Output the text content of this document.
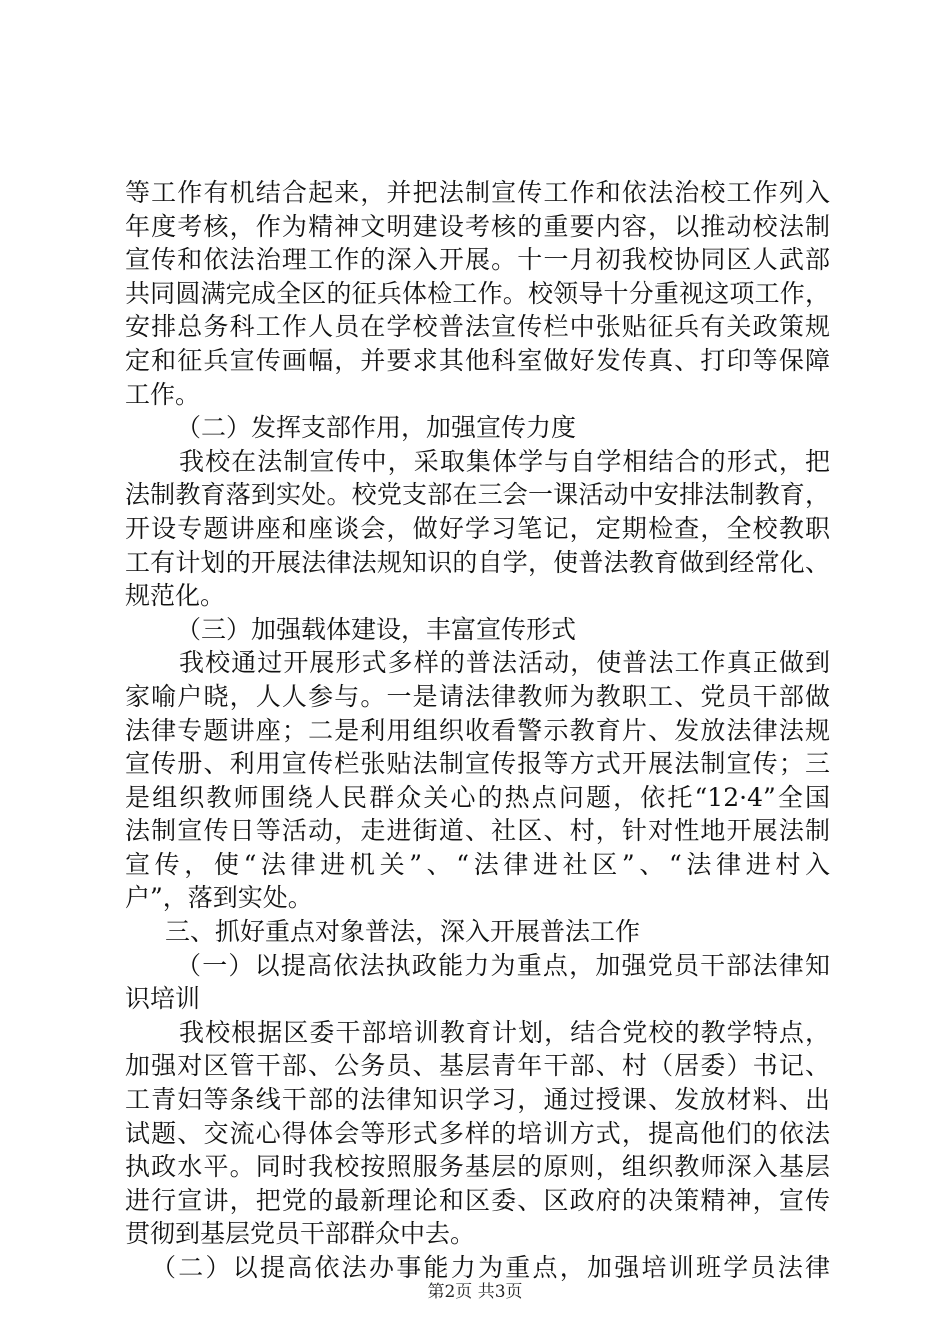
等工作有机结合起来，并把法制宣传工作和依法治校工作列入
年度考核，作为精神文明建设考核的重要内容，以推动校法制
宣传和依法治理工作的深入开展。十一月初我校协同区人武部
共同圆满完成全区的征兵体检工作。校领导十分重视这项工作，
安排总务科工作人员在学校普法宣传栏中张贴征兵有关政策规
定和征兵宣传画幅，并要求其他科室做好发传真、打印等保障
工作。
（二）发挥支部作用，加强宣传力度
我校在法制宣传中，采取集体学与自学相结合的形式，把
法制教育落到实处。校党支部在三会一课活动中安排法制教育，
开设专题讲座和座谈会，做好学习笔记，定期检查，全校教职
工有计划的开展法律法规知识的自学，使普法教育做到经常化、
规范化。
（三）加强载体建设，丰富宣传形式
我校通过开展形式多样的普法活动，使普法工作真正做到
家喻户晓，人人参与。一是请法律教师为教职工、党员干部做
法律专题讲座；二是利用组织收看警示教育片、发放法律法规
宣传册、利用宣传栏张贴法制宣传报等方式开展法制宣传；三
是组织教师围绕人民群众关心的热点问题，依托“12·4”全国
法制宣传日等活动，走进街道、社区、村，针对性地开展法制
宣传，使“法律进机关”、“法律进社区”、“法律进村入
户”，落到实处。
三、抓好重点对象普法，深入开展普法工作
（一）以提高依法执政能力为重点，加强党员干部法律知
识培训
我校根据区委干部培训教育计划，结合党校的教学特点，
加强对区管干部、公务员、基层青年干部、村（居委）书记、
工青妇等条线干部的法律知识学习，通过授课、发放材料、出
试题、交流心得体会等形式多样的培训方式，提高他们的依法
执政水平。同时我校按照服务基层的原则，组织教师深入基层
进行宣讲，把党的最新理论和区委、区政府的决策精神，宣传
贯彻到基层党员干部群众中去。
（二）以提高依法办事能力为重点，加强培训班学员法律
第2页 共3页
